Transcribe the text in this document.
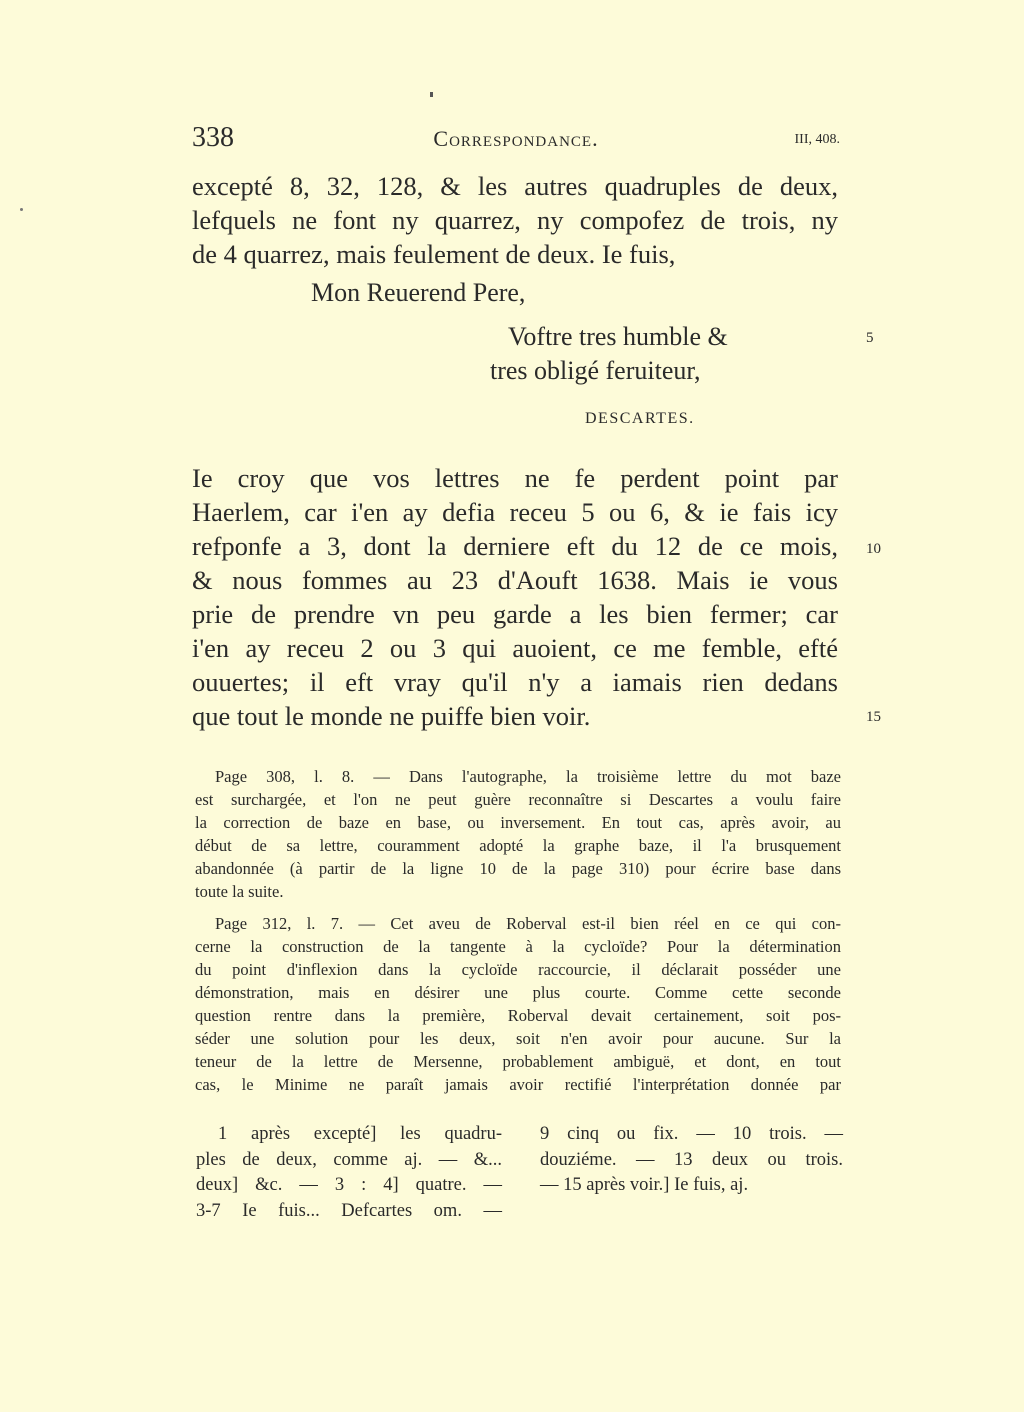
338	Correspondance.	III, 408.
excepté 8, 32, 128, & les autres quadruples de deux,
lefquels ne font ny quarrez, ny compofez de trois, ny
de 4 quarrez, mais feulement de deux. Ie fuis,
Mon Reuerend Pere,
Voftre tres humble &
tres obligé feruiteur,
DESCARTES.
5
Ie croy que vos lettres ne fe perdent point par
Haerlem, car i'en ay defia receu 5 ou 6, & ie fais icy
refponfe a 3, dont la derniere eft du 12 de ce mois,
& nous fommes au 23 d'Aouft 1638. Mais ie vous
prie de prendre vn peu garde a les bien fermer; car
i'en ay receu 2 ou 3 qui auoient, ce me femble, efté
ouuertes; il eft vray qu'il n'y a iamais rien dedans
que tout le monde ne puiffe bien voir.
10
15
Page 308, l. 8. — Dans l'autographe, la troisième lettre du mot baze
est surchargée, et l'on ne peut guère reconnaître si Descartes a voulu faire
la correction de baze en base, ou inversement. En tout cas, après avoir, au
début de sa lettre, couramment adopté la graphe baze, il l'a brusquement
abandonnée (à partir de la ligne 10 de la page 310) pour écrire base dans
toute la suite.
Page 312, l. 7. — Cet aveu de Roberval est-il bien réel en ce qui con-
cerne la construction de la tangente à la cycloïde? Pour la détermination
du point d'inflexion dans la cycloïde raccourcie, il déclarait posséder une
démonstration, mais en désirer une plus courte. Comme cette seconde
question rentre dans la première, Roberval devait certainement, soit pos-
séder une solution pour les deux, soit n'en avoir pour aucune. Sur la
teneur de la lettre de Mersenne, probablement ambiguë, et dont, en tout
cas, le Minime ne paraît jamais avoir rectifié l'interprétation donnée par
1 après excepté] les quadru-
ples de deux, comme aj. — &...
deux] &c. — 3 : 4] quatre. —
3-7 Ie fuis... Defcartes om. —
9 cinq ou fix. — 10 trois. —
douziéme. — 13 deux ou trois.
— 15 après voir.] Ie fuis, aj.
